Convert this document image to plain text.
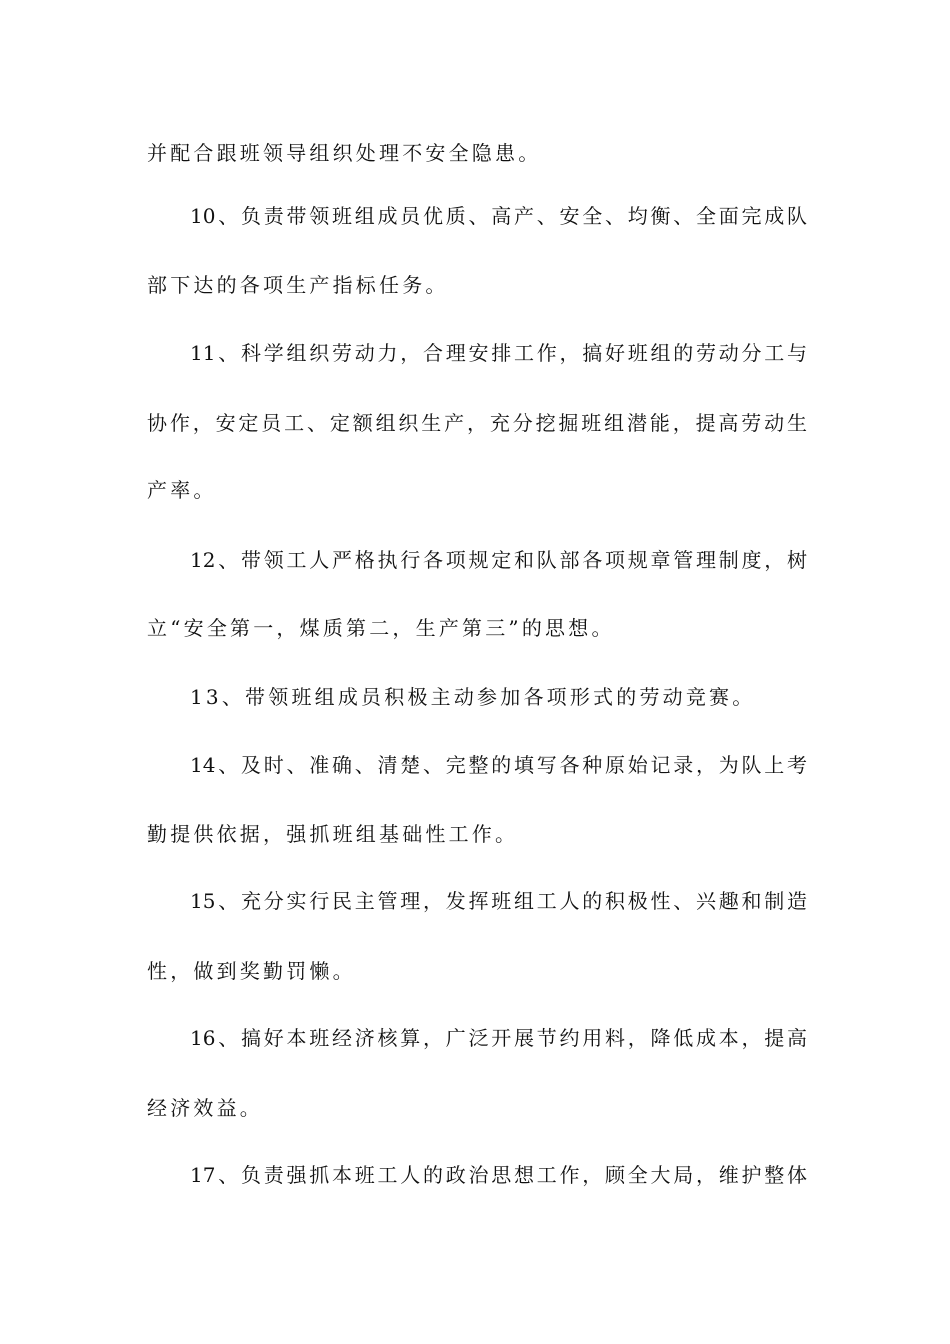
并配合跟班领导组织处理不安全隐患。
10、负责带领班组成员优质、高产、安全、均衡、全面完成队
部下达的各项生产指标任务。
11、科学组织劳动力，合理安排工作，搞好班组的劳动分工与
协作，安定员工、定额组织生产，充分挖掘班组潜能，提高劳动生
产率。
12、带领工人严格执行各项规定和队部各项规章管理制度，树
立“安全第一，煤质第二，生产第三”的思想。
13、带领班组成员积极主动参加各项形式的劳动竞赛。
14、及时、准确、清楚、完整的填写各种原始记录，为队上考
勤提供依据，强抓班组基础性工作。
15、充分实行民主管理，发挥班组工人的积极性、兴趣和制造
性，做到奖勤罚懒。
16、搞好本班经济核算，广泛开展节约用料，降低成本，提高
经济效益。
17、负责强抓本班工人的政治思想工作，顾全大局，维护整体
